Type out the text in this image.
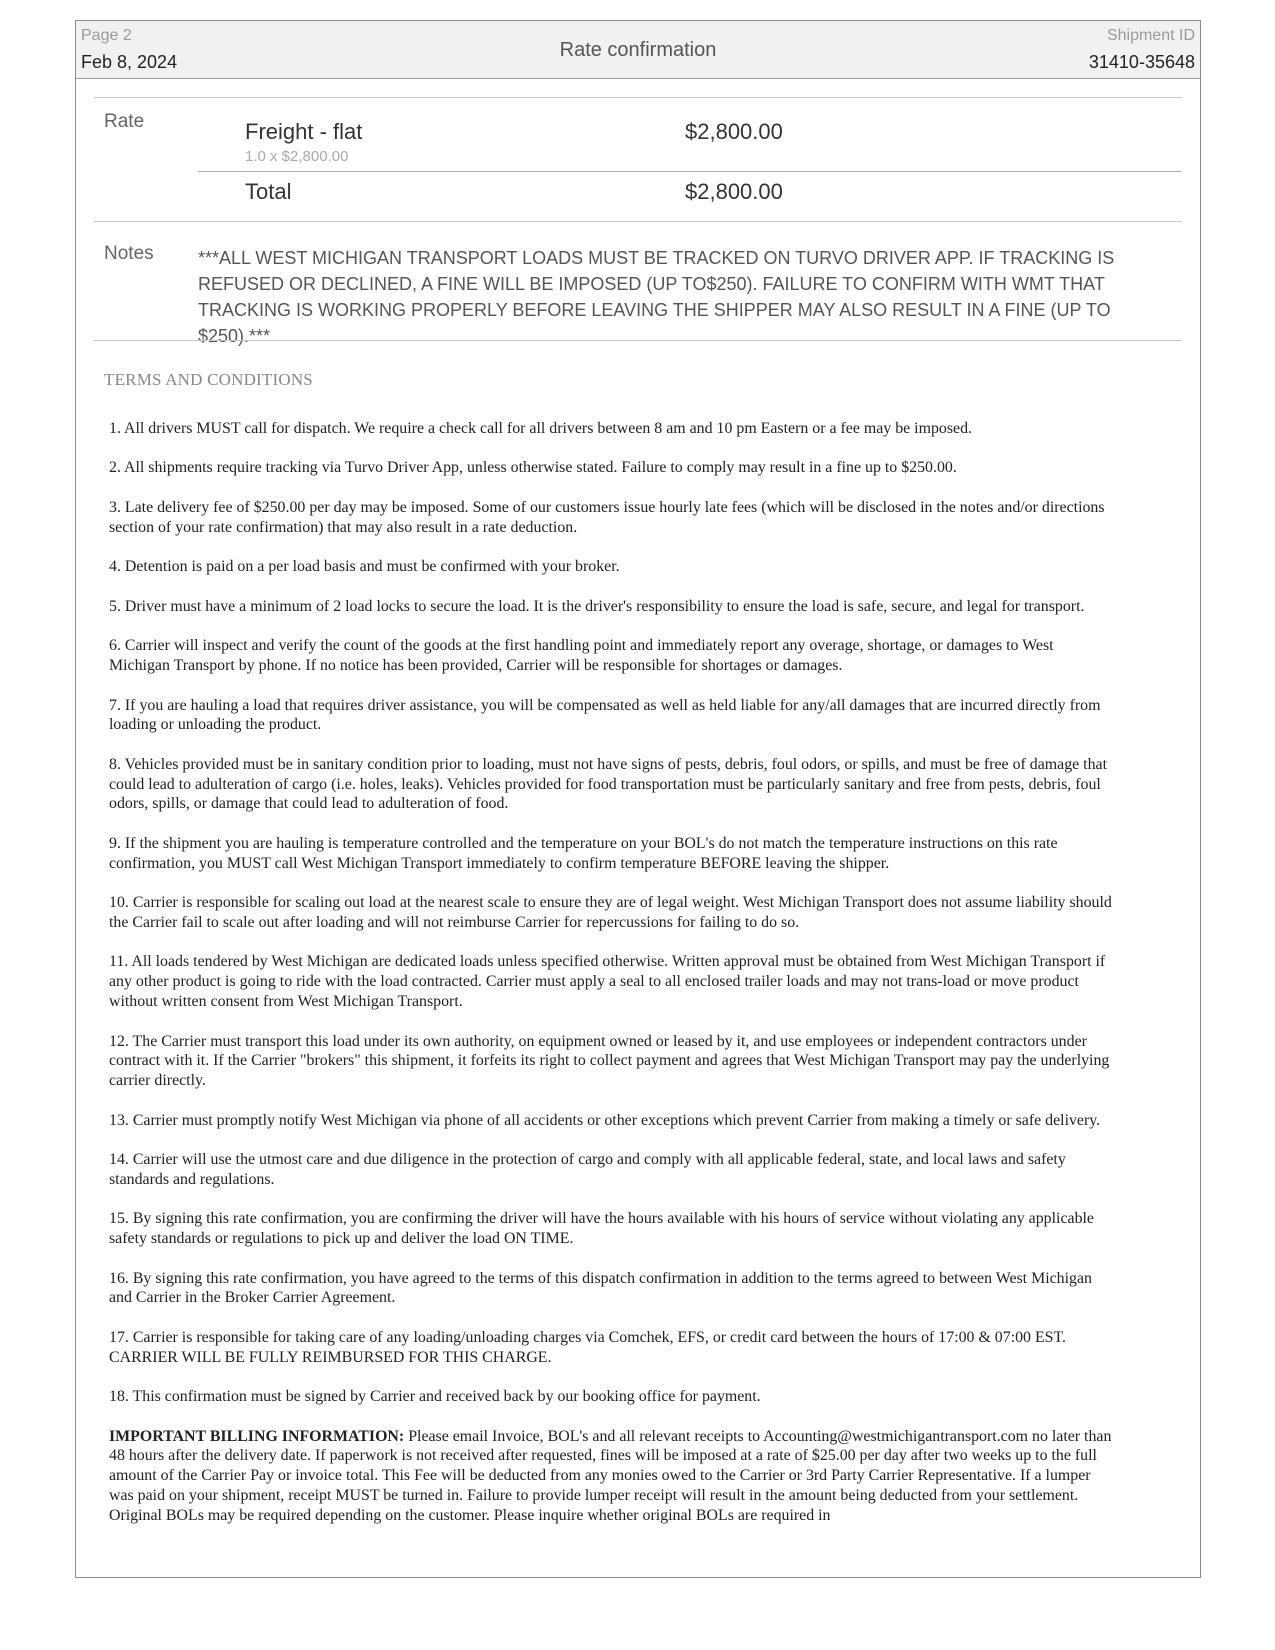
Page 2
Feb 8, 2024
Rate confirmation
Shipment ID
31410-35648
Rate	Freight - flat
1.0 x $2,800.00
$2,800.00
Total	$2,800.00
Notes ***ALL WEST MICHIGAN TRANSPORT LOADS MUST BE TRACKED ON TURVO DRIVER APP. IF TRACKING IS REFUSED OR DECLINED, A FINE WILL BE IMPOSED (UP TO$250). FAILURE TO CONFIRM WITH WMT THAT TRACKING IS WORKING PROPERLY BEFORE LEAVING THE SHIPPER MAY ALSO RESULT IN A FINE (UP TO $250).***
TERMS AND CONDITIONS

1. All drivers MUST call for dispatch. We require a check call for all drivers between 8 am and 10 pm Eastern or a fee may be imposed.

2. All shipments require tracking via Turvo Driver App, unless otherwise stated. Failure to comply may result in a fine up to $250.00.

3. Late delivery fee of $250.00 per day may be imposed. Some of our customers issue hourly late fees (which will be disclosed in the notes and/or directions section of your rate confirmation) that may also result in a rate deduction.

4. Detention is paid on a per load basis and must be confirmed with your broker.

5. Driver must have a minimum of 2 load locks to secure the load. It is the driver's responsibility to ensure the load is safe, secure, and legal for transport.

6. Carrier will inspect and verify the count of the goods at the first handling point and immediately report any overage, shortage, or damages to West Michigan Transport by phone. If no notice has been provided, Carrier will be responsible for shortages or damages.

7. If you are hauling a load that requires driver assistance, you will be compensated as well as held liable for any/all damages that are incurred directly from loading or unloading the product.

8. Vehicles provided must be in sanitary condition prior to loading, must not have signs of pests, debris, foul odors, or spills, and must be free of damage that could lead to adulteration of cargo (i.e. holes, leaks). Vehicles provided for food transportation must be particularly sanitary and free from pests, debris, foul odors, spills, or damage that could lead to adulteration of food.

9. If the shipment you are hauling is temperature controlled and the temperature on your BOL's do not match the temperature instructions on this rate confirmation, you MUST call West Michigan Transport immediately to confirm temperature BEFORE leaving the shipper.

10. Carrier is responsible for scaling out load at the nearest scale to ensure they are of legal weight. West Michigan Transport does not assume liability should the Carrier fail to scale out after loading and will not reimburse Carrier for repercussions for failing to do so.

11. All loads tendered by West Michigan are dedicated loads unless specified otherwise. Written approval must be obtained from West Michigan Transport if any other product is going to ride with the load contracted. Carrier must apply a seal to all enclosed trailer loads and may not trans-load or move product without written consent from West Michigan Transport.

12. The Carrier must transport this load under its own authority, on equipment owned or leased by it, and use employees or independent contractors under contract with it. If the Carrier "brokers" this shipment, it forfeits its right to collect payment and agrees that West Michigan Transport may pay the underlying carrier directly.

13. Carrier must promptly notify West Michigan via phone of all accidents or other exceptions which prevent Carrier from making a timely or safe delivery.

14. Carrier will use the utmost care and due diligence in the protection of cargo and comply with all applicable federal, state, and local laws and safety standards and regulations.

15. By signing this rate confirmation, you are confirming the driver will have the hours available with his hours of service without violating any applicable safety standards or regulations to pick up and deliver the load ON TIME.

16. By signing this rate confirmation, you have agreed to the terms of this dispatch confirmation in addition to the terms agreed to between West Michigan and Carrier in the Broker Carrier Agreement.

17. Carrier is responsible for taking care of any loading/unloading charges via Comchek, EFS, or credit card between the hours of 17:00 & 07:00 EST. CARRIER WILL BE FULLY REIMBURSED FOR THIS CHARGE.

18. This confirmation must be signed by Carrier and received back by our booking office for payment.

IMPORTANT BILLING INFORMATION: Please email Invoice, BOL's and all relevant receipts to Accounting@westmichigantransport.com no later than 48 hours after the delivery date. If paperwork is not received after requested, fines will be imposed at a rate of $25.00 per day after two weeks up to the full amount of the Carrier Pay or invoice total. This Fee will be deducted from any monies owed to the Carrier or 3rd Party Carrier Representative. If a lumper was paid on your shipment, receipt MUST be turned in. Failure to provide lumper receipt will result in the amount being deducted from your settlement. Original BOLs may be required depending on the customer. Please inquire whether original BOLs are required in
